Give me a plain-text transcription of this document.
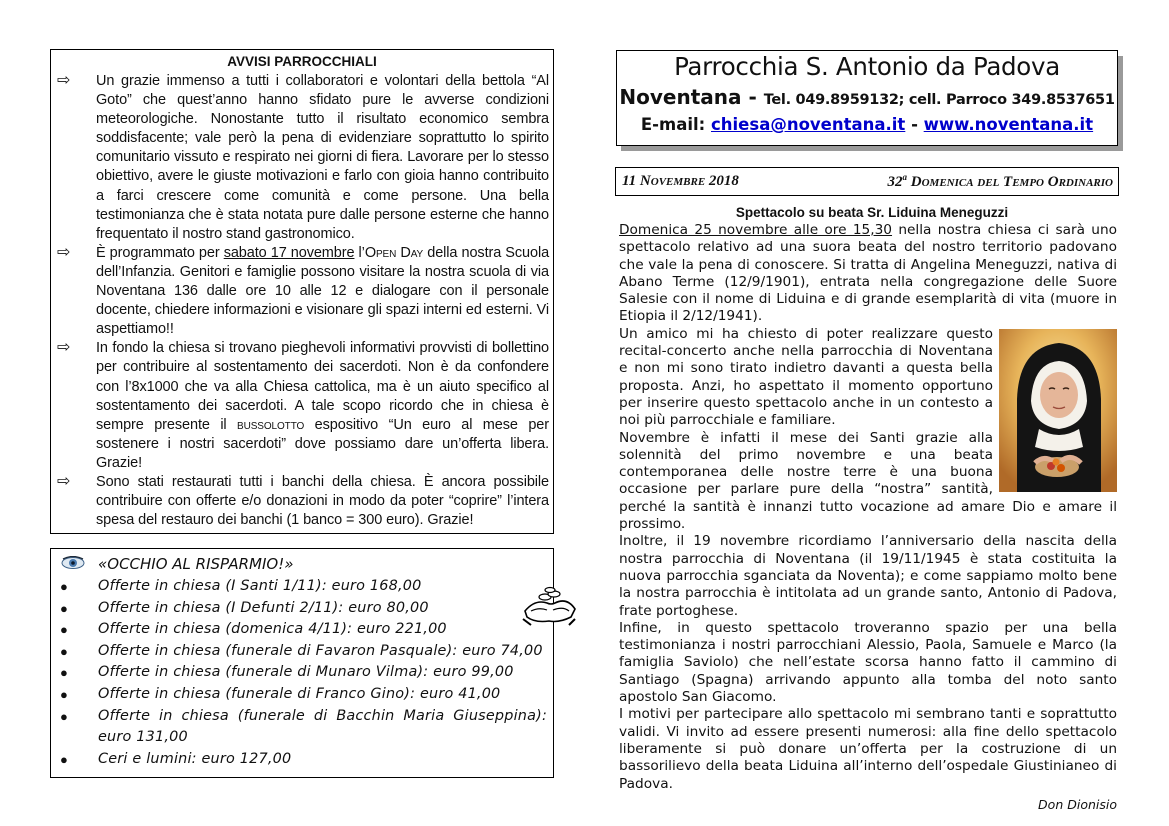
AVVISI PARROCCHIALI
⇨ Un grazie immenso a tutti i collaboratori e volontari della bettola “Al Goto” che quest’anno hanno sfidato pure le avverse condizioni meteorologiche. Nonostante tutto il risultato economico sembra soddisfacente; vale però la pena di evidenziare soprattutto lo spirito comunitario vissuto e respirato nei giorni di fiera. Lavorare per lo stesso obiettivo, avere le giuste motivazioni e farlo con gioia hanno contribuito a farci crescere come comunità e come persone. Una bella testimonianza che è stata notata pure dalle persone esterne che hanno frequentato il nostro stand gastronomico.
⇨ È programmato per sabato 17 novembre l’Open Day della nostra Scuola dell’Infanzia. Genitori e famiglie possono visitare la nostra scuola di via Noventana 136 dalle ore 10 alle 12 e dialogare con il personale docente, chiedere informazioni e visionare gli spazi interni ed esterni. Vi aspettiamo!!
⇨ In fondo la chiesa si trovano pieghevoli informativi provvisti di bollettino per contribuire al sostentamento dei sacerdoti. Non è da confondere con l’8x1000 che va alla Chiesa cattolica, ma è un aiuto specifico al sostentamento dei sacerdoti. A tale scopo ricordo che in chiesa è sempre presente il bussolotto espositivo “Un euro al mese per sostenere i nostri sacerdoti” dove possiamo dare un’offerta libera. Grazie!
⇨ Sono stati restaurati tutti i banchi della chiesa. È ancora possibile contribuire con offerte e/o donazioni in modo da poter “coprire” l’intera spesa del restauro dei banchi (1 banco = 300 euro). Grazie!
«OCCHIO AL RISPARMIO!»
● Offerte in chiesa (I Santi 1/11): euro 168,00
● Offerte in chiesa (I Defunti 2/11): euro 80,00
● Offerte in chiesa (domenica 4/11): euro 221,00
● Offerte in chiesa (funerale di Favaron Pasquale): euro 74,00
● Offerte in chiesa (funerale di Munaro Vilma): euro 99,00
● Offerte in chiesa (funerale di Franco Gino): euro 41,00
● Offerte in chiesa (funerale di Bacchin Maria Giuseppina): euro 131,00
● Ceri e lumini: euro 127,00
Parrocchia S. Antonio da Padova
Noventana - Tel. 049.8959132; cell. Parroco 349.8537651
E-mail: chiesa@noventana.it - www.noventana.it
11 Novembre 2018	32$^a$ Domenica del Tempo Ordinario
Spettacolo su beata Sr. Liduina Meneguzzi

Domenica 25 novembre alle ore 15,30 nella nostra chiesa ci sarà uno spettacolo relativo ad una suora beata del nostro territorio padovano che vale la pena di conoscere. Si tratta di Angelina Meneguzzi, nativa di Abano Terme (12/9/1901), entrata nella congregazione delle Suore Salesie con il nome di Liduina e di grande esemplarità di vita (muore in Etiopia il 2/12/1941).

Un amico mi ha chiesto di poter realizzare questo recital-concerto anche nella parrocchia di Noventana e non mi sono tirato indietro davanti a questa bella proposta. Anzi, ho aspettato il momento opportuno per inserire questo spettacolo anche in un contesto a noi più parrocchiale e familiare.

Novembre è infatti il mese dei Santi grazie alla solennità del primo novembre e una beata contemporanea delle nostre terre è una buona occasione per parlare pure della “nostra” santità, perché la santità è innanzi tutto vocazione ad amare Dio e amare il prossimo.

Inoltre, il 19 novembre ricordiamo l’anniversario della nascita della nostra parrocchia di Noventana (il 19/11/1945 è stata costituita la nuova parrocchia sganciata da Noventa); e come sappiamo molto bene la nostra parrocchia è intitolata ad un grande santo, Antonio di Padova, frate portoghese.

Infine, in questo spettacolo troveranno spazio per una bella testimonianza i nostri parrocchiani Alessio, Paola, Samuele e Marco (la famiglia Saviolo) che nell’estate scorsa hanno fatto il cammino di Santiago (Spagna) arrivando appunto alla tomba del noto santo apostolo San Giacomo.

I motivi per partecipare allo spettacolo mi sembrano tanti e soprattutto validi. Vi invito ad essere presenti numerosi: alla fine dello spettacolo liberamente si può donare un’offerta per la costruzione di un bassorilievo della beata Liduina all’interno dell’ospedale Giustinianeo di Padova.

Don Dionisio
